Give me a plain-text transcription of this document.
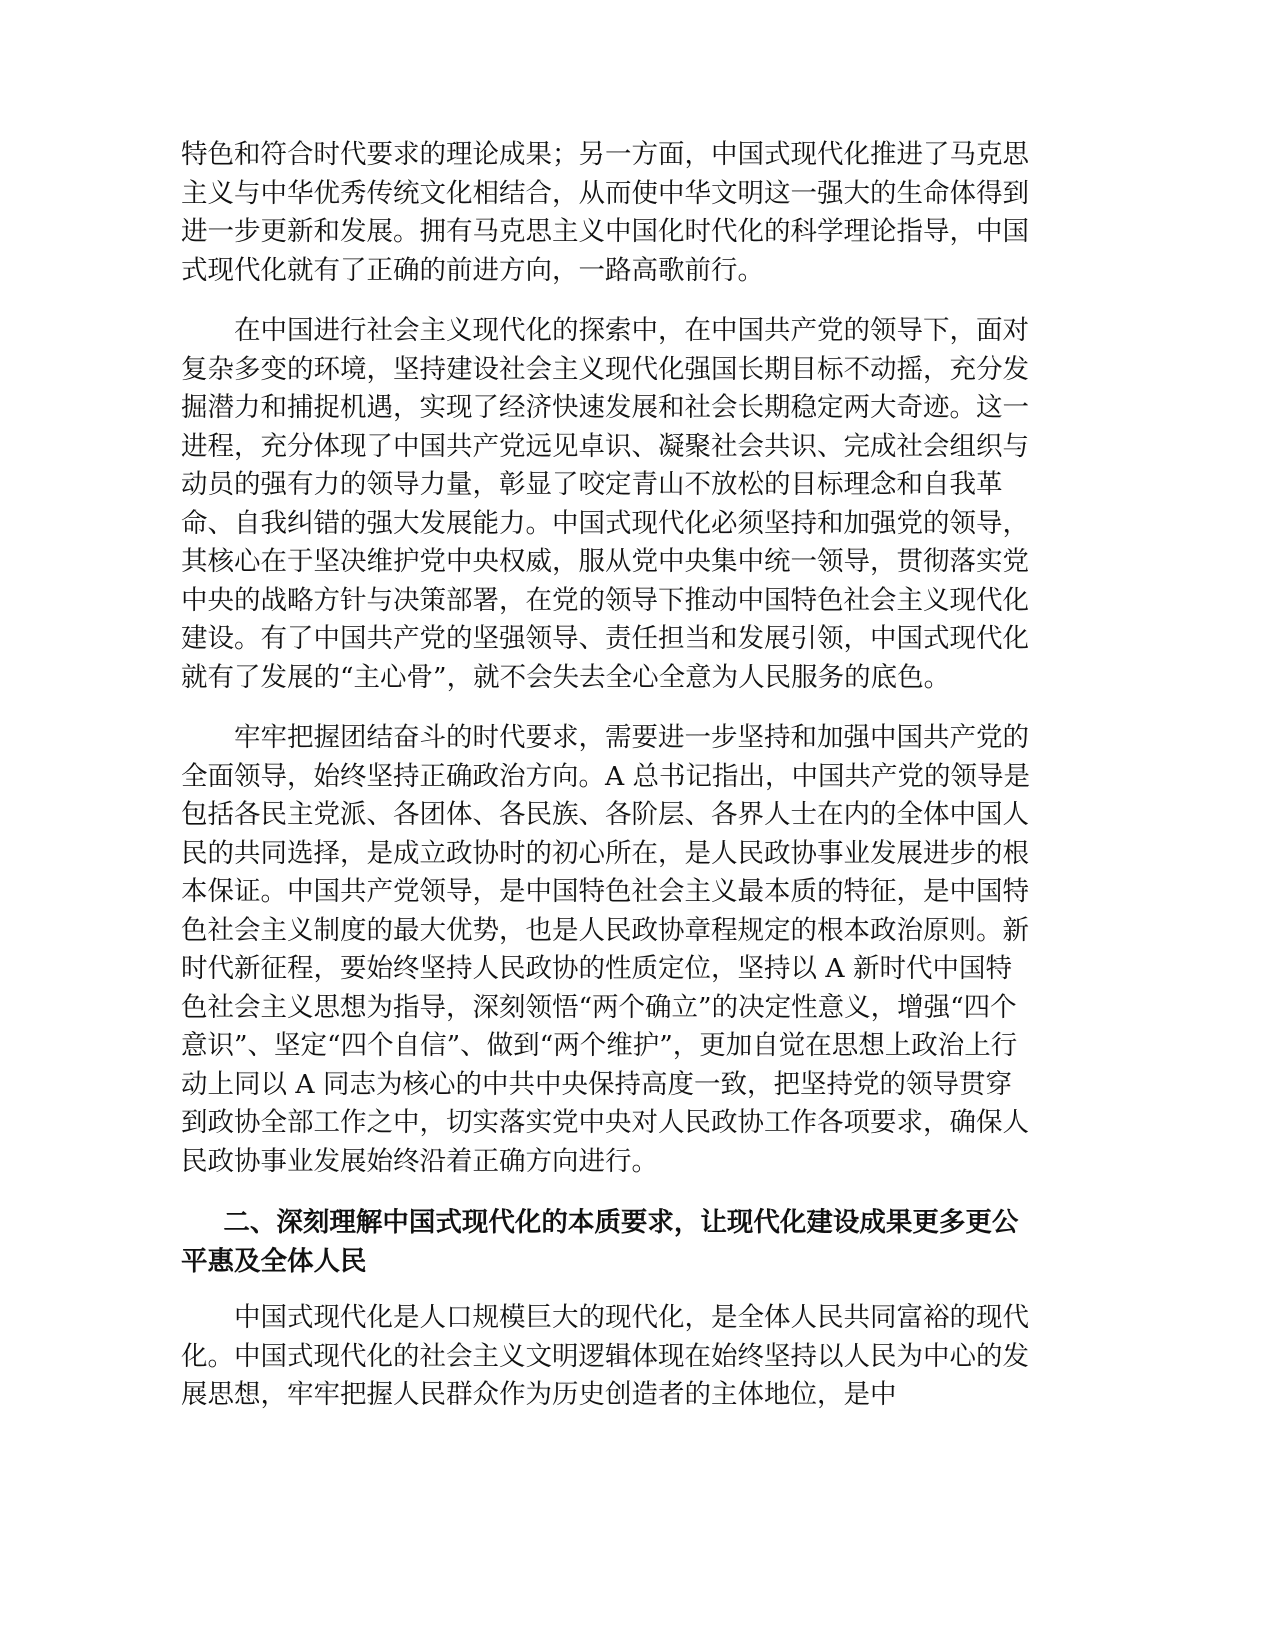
特色和符合时代要求的理论成果；另一方面，中国式现代化推进了马克思主义与中华优秀传统文化相结合，从而使中华文明这一强大的生命体得到进一步更新和发展。拥有马克思主义中国化时代化的科学理论指导，中国式现代化就有了正确的前进方向，一路高歌前行。

在中国进行社会主义现代化的探索中，在中国共产党的领导下，面对复杂多变的环境，坚持建设社会主义现代化强国长期目标不动摇，充分发掘潜力和捕捉机遇，实现了经济快速发展和社会长期稳定两大奇迹。这一进程，充分体现了中国共产党远见卓识、凝聚社会共识、完成社会组织与动员的强有力的领导力量，彰显了咬定青山不放松的目标理念和自我革命、自我纠错的强大发展能力。中国式现代化必须坚持和加强党的领导，其核心在于坚决维护党中央权威，服从党中央集中统一领导，贯彻落实党中央的战略方针与决策部署，在党的领导下推动中国特色社会主义现代化建设。有了中国共产党的坚强领导、责任担当和发展引领，中国式现代化就有了发展的“主心骨”，就不会失去全心全意为人民服务的底色。

牢牢把握团结奋斗的时代要求，需要进一步坚持和加强中国共产党的全面领导，始终坚持正确政治方向。A 总书记指出，中国共产党的领导是包括各民主党派、各团体、各民族、各阶层、各界人士在内的全体中国人民的共同选择，是成立政协时的初心所在，是人民政协事业发展进步的根本保证。中国共产党领导，是中国特色社会主义最本质的特征，是中国特色社会主义制度的最大优势，也是人民政协章程规定的根本政治原则。新时代新征程，要始终坚持人民政协的性质定位，坚持以 A 新时代中国特色社会主义思想为指导，深刻领悟“两个确立”的决定性意义，增强“四个意识”、坚定“四个自信”、做到“两个维护”，更加自觉在思想上政治上行动上同以 A 同志为核心的中共中央保持高度一致，把坚持党的领导贯穿到政协全部工作之中，切实落实党中央对人民政协工作各项要求，确保人民政协事业发展始终沿着正确方向进行。

二、深刻理解中国式现代化的本质要求，让现代化建设成果更多更公平惠及全体人民

中国式现代化是人口规模巨大的现代化，是全体人民共同富裕的现代化。中国式现代化的社会主义文明逻辑体现在始终坚持以人民为中心的发展思想，牢牢把握人民群众作为历史创造者的主体地位，是中
